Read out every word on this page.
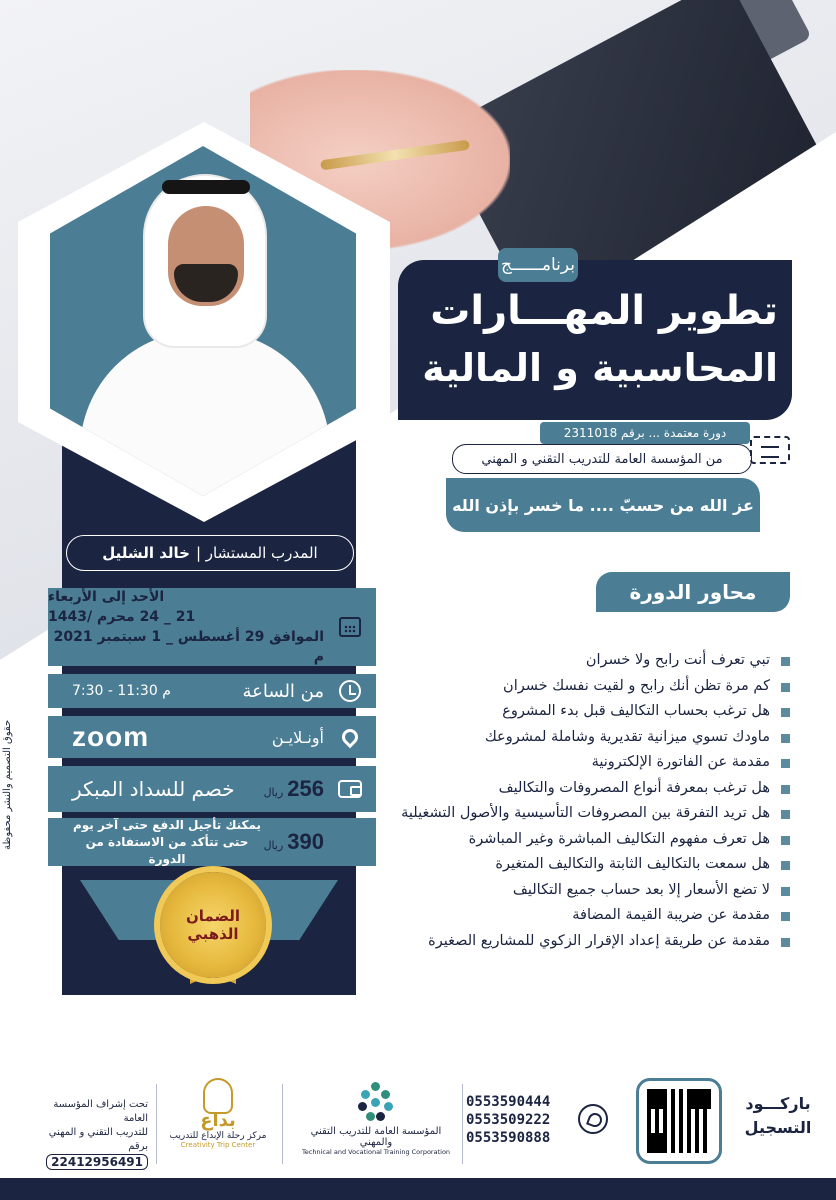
المدرب المستشار |
خالد الشليل
الأحد إلى الأربعاء
21 _ 24 محرم /1443
الموافق 29 أغسطس _ 1 سبتمبر 2021 م
من الساعة
7:30 - 11:30 م
أونـلايـن
zoom
256
ريال
خصم للسداد المبكر
390
ريال
يمكنك تأجيل الدفع حتى آخر يوم
حتى تتأكد من الاستفادة من الدورة
الضمان
الذهبي
حقوق التصميم والنشر محفوظة
برنامــــــج
تطوير المهـــارات
المحاسبية و المالية
دورة معتمدة ... برقم 2311018
من المؤسسة العامة للتدريب التقني و المهني
عز الله من حسبّ .... ما خسر بإذن الله
محاور الدورة
تبي تعرف أنت رابح ولا خسران
كم مرة تظن أنك رابح و لقيت نفسك خسران
هل ترغب بحساب التكاليف قبل بدء المشروع
ماودك تسوي ميزانية تقديرية وشاملة لمشروعك
مقدمة عن الفاتورة الإلكترونية
هل ترغب بمعرفة أنواع المصروفات والتكاليف
هل تريد التفرقة بين المصروفات التأسيسية والأصول التشغيلية
هل تعرف مفهوم التكاليف المباشرة وغير المباشرة
هل سمعت بالتكاليف الثابتة والتكاليف المتغيرة
لا تضع الأسعار إلا بعد حساب جميع التكاليف
مقدمة عن ضريبة القيمة المضافة
مقدمة عن طريقة إعداد الإقرار الزكوي للمشاريع الصغيرة
باركـــود
التسجيل
0553590444
0553509222
0553590888
المؤسسة العامة للتدريب التقني والمهني
Technical and Vocational Training Corporation
بداع
مركز رحلة الإبداع للتدريب
Creativity Trip Center
تحت إشراف المؤسسة العامة
للتدريب التقني و المهني
برقم 22412956491
